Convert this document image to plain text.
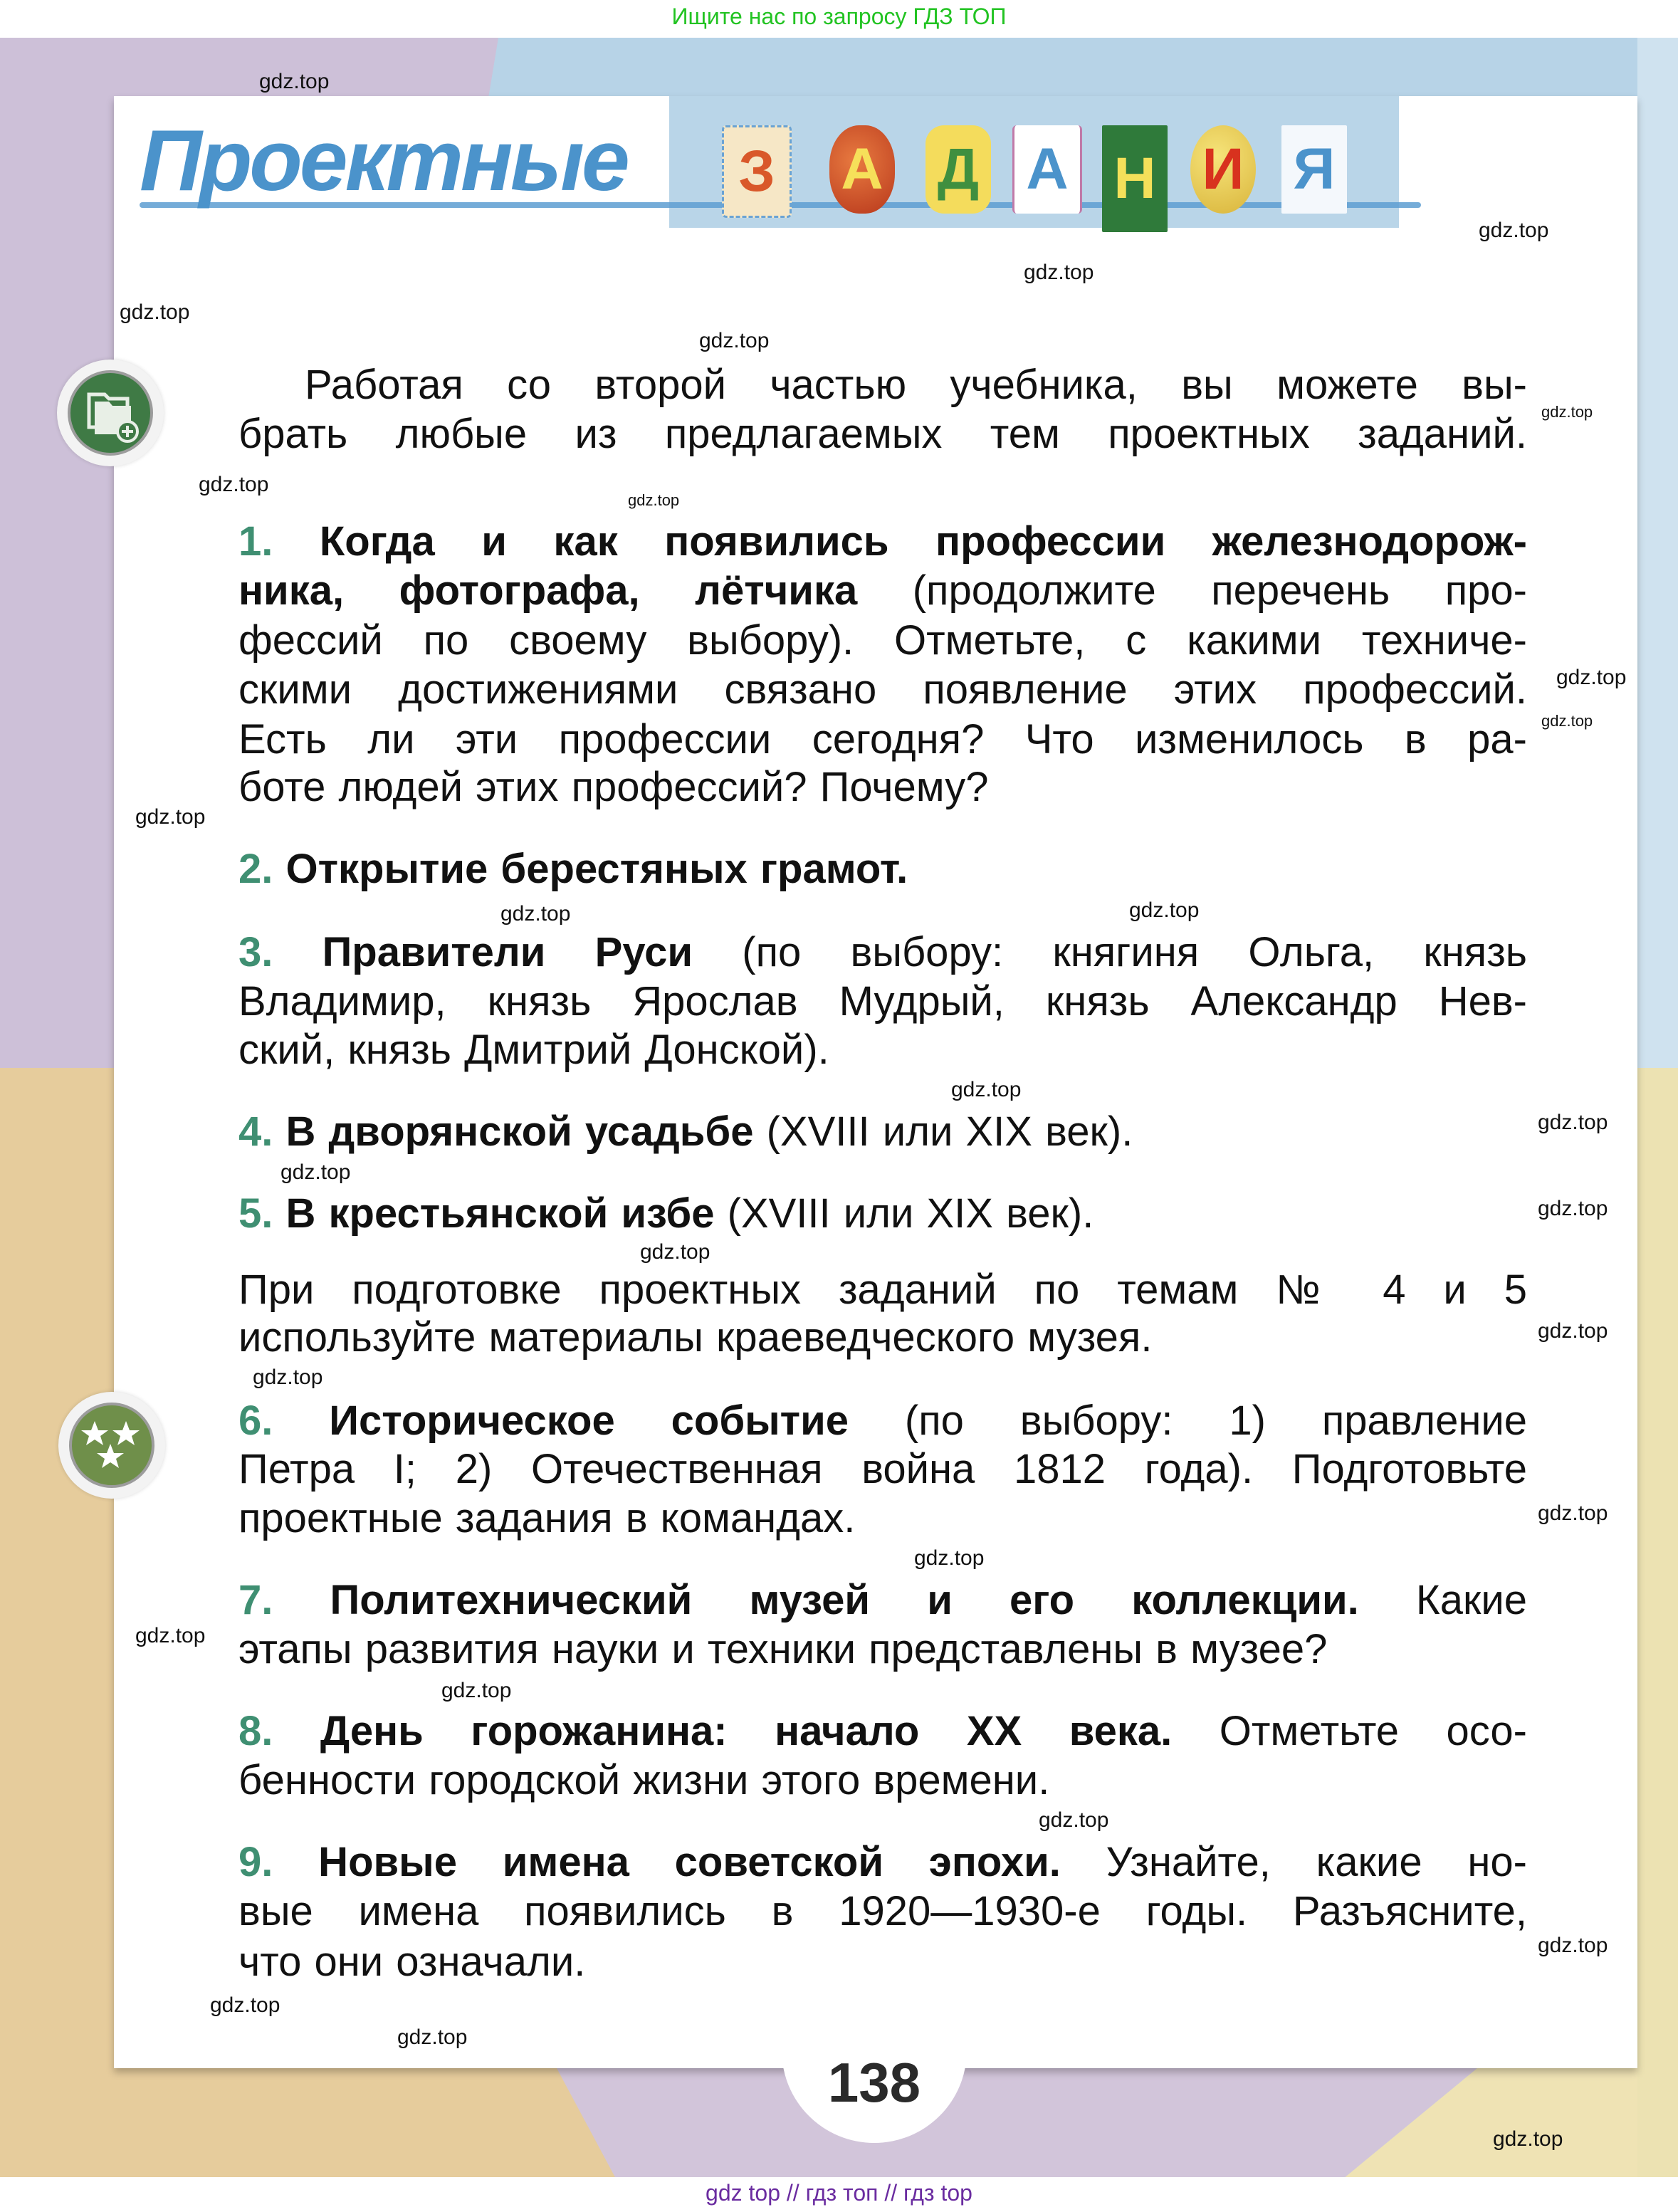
Ищите нас по запросу ГДЗ ТОП
Проектные З А Д А Н И Я
Работая со второй частью учебника, вы можете вы-
брать любые из предлагаемых тем проектных заданий.
1. Когда и как появились профессии железнодорож-
ника, фотографа, лётчика (продолжите перечень про-
фессий по своему выбору). Отметьте, с какими техниче-
скими достижениями связано появление этих профессий.
Есть ли эти профессии сегодня? Что изменилось в ра-
боте людей этих профессий? Почему?
2. Открытие берестяных грамот.
3. Правители Руси (по выбору: княгиня Ольга, князь
Владимир, князь Ярослав Мудрый, князь Александр Нев-
ский, князь Дмитрий Донской).
4. В дворянской усадьбе (XVIII или XIX век).
5. В крестьянской избе (XVIII или XIX век).
При подготовке проектных заданий по темам № 4 и 5
используйте материалы краеведческого музея.
6. Историческое событие (по выбору: 1) правление
Петра I; 2) Отечественная война 1812 года). Подготовьте
проектные задания в командах.
7. Политехнический музей и его коллекции. Какие
этапы развития науки и техники представлены в музее?
8. День горожанина: начало XX века. Отметьте осо-
бенности городской жизни этого времени.
9. Новые имена советской эпохи. Узнайте, какие но-
вые имена появились в 1920—1930-е годы. Разъясните,
что они означали.
138
gdz.top
gdz.top
gdz.top
gdz.top
gdz.top
gdz.top
gdz.top
gdz.top
gdz.top
gdz.top
gdz.top
gdz.top
gdz.top
gdz.top
gdz.top
gdz.top
gdz.top
gdz.top
gdz.top
gdz.top
gdz.top
gdz.top
gdz.top
gdz.top
gdz.top
gdz.top
gdz.top
gdz.top
gdz.top
gdz top // гдз топ // гдз top
